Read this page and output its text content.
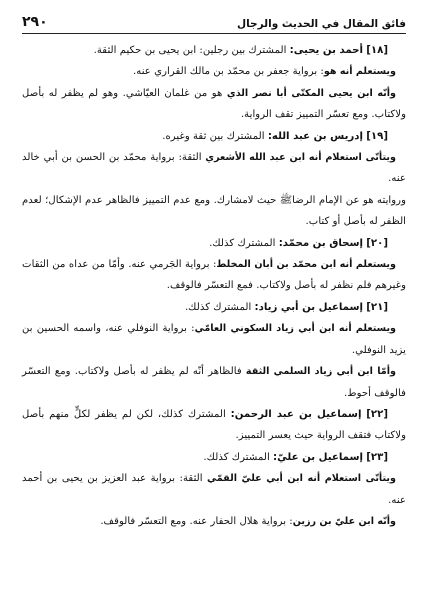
فائق المقال في الحديث والرجال
٢٩٠

[١٨] أحمد بن يحيى: المشترك بين رجلين: ابن يحيى بن حكيم الثقة.

ويستعلم أنه هو: برواية جعفر بن محمّد بن مالك القراري عنه.

وأنّه ابن يحيى المكتّى أبا نصر الذي هو من غلمان العيّاشي. وهو لم يظفر له بأصل ولاكتاب. ومع تعسّر التمييز تقف الرواية.

[١٩] إدريس بن عبد الله: المشترك بين ثقة وغيره.

ويتأتّى استعلام أنه ابن عبد الله الأشعري الثقة: برواية محمّد بن الحسن بن أبي خالد عنه.

وروايته هو عن الإمام الرضاﷺ حيث لامشارك. ومع عدم التمييز فالظاهر عدم الإشكال؛ لعدم الظفر له بأصل أو كتاب.

[٢٠] إسحاق بن محمّد: المشترك كذلك.

ويستعلم أنه ابن محمّد بن أبان المخلط: برواية الجَرمي عنه. وأمّا من عداه من الثقات وغيرهم فلم نظفر له بأصل ولاكتاب. فمع التعسّر فالوقف.

[٢١] إسماعيل بن أبي زياد: المشترك كذلك.

ويستعلم أنه ابن أبي زياد السكوني العامّي: برواية النوفلي عنه، واسمه الحسين بن يزيد النوفلي.

وأمّا ابن أبي زياد السلمي الثقة فالظاهر أنّه لم يظفر له بأصل ولاكتاب. ومع التعسّر فالوقف أحوط.

[٢٢] إسماعيل بن عبد الرحمن: المشترك كذلك، لكن لم يظفر لكلٍّ منهم بأصل ولاكتاب فتقف الرواية حيث يعسر التمييز.

[٢٣] إسماعيل بن عليّ: المشترك كذلك.

ويتأتّى استعلام أنه ابن أبي عليّ القمّي الثقة: برواية عبد العزيز بن يحيى بن أحمد عنه.

وأنّه ابن عليّ بن رزين: برواية هلال الحفار عنه. ومع التعسّر فالوقف.
